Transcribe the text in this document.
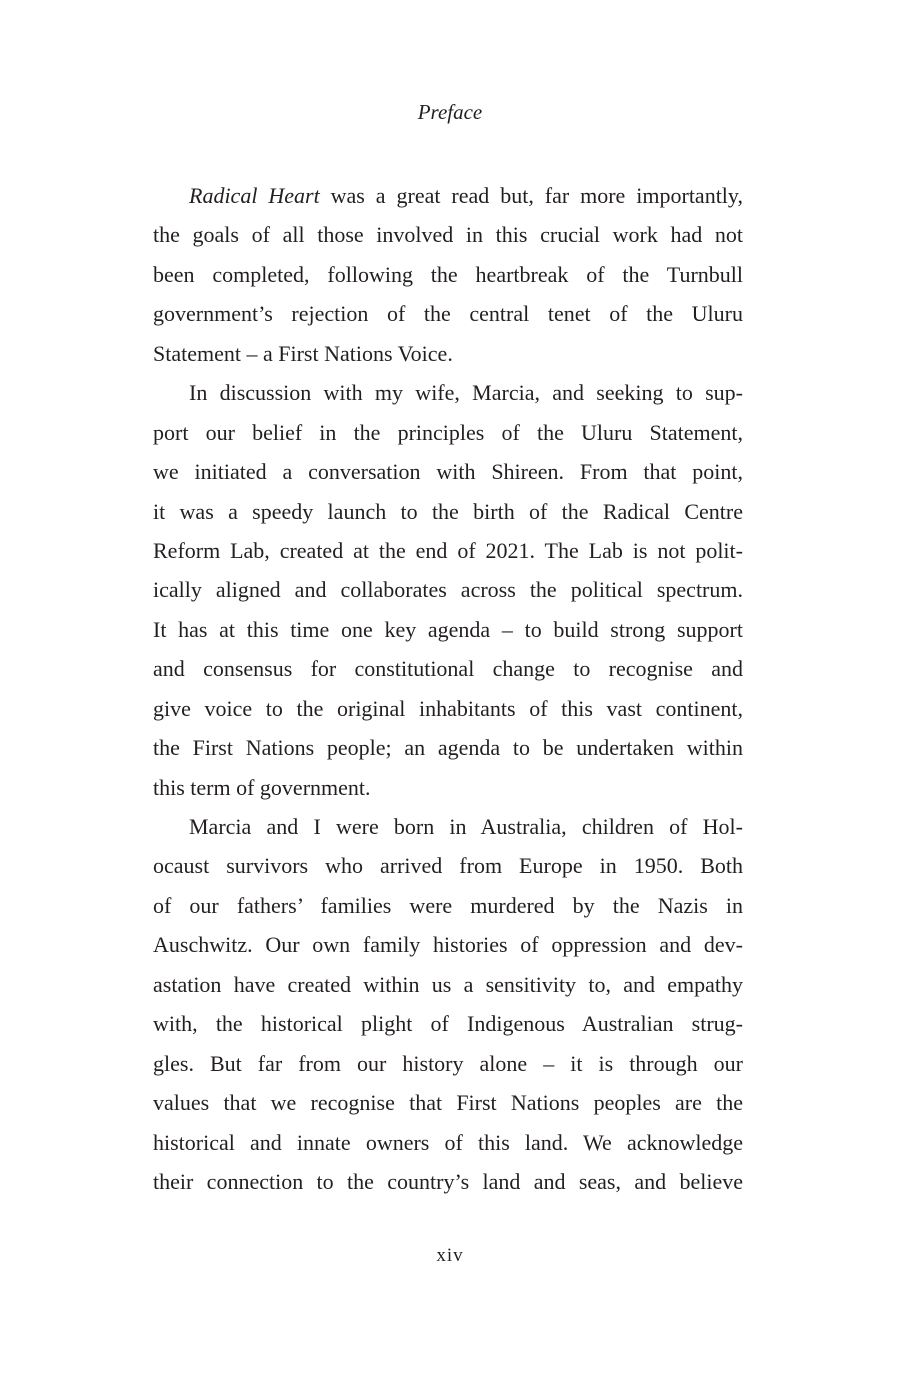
Preface
Radical Heart was a great read but, far more importantly,
the goals of all those involved in this crucial work had not
been completed, following the heartbreak of the Turnbull
government’s rejection of the central tenet of the Uluru
Statement – a First Nations Voice.
In discussion with my wife, Marcia, and seeking to sup-
port our belief in the principles of the Uluru Statement,
we initiated a conversation with Shireen. From that point,
it was a speedy launch to the birth of the Radical Centre
Reform Lab, created at the end of 2021. The Lab is not polit-
ically aligned and collaborates across the political spectrum.
It has at this time one key agenda – to build strong support
and consensus for constitutional change to recognise and
give voice to the original inhabitants of this vast continent,
the First Nations people; an agenda to be undertaken within
this term of government.
Marcia and I were born in Australia, children of Hol-
ocaust survivors who arrived from Europe in 1950. Both
of our fathers’ families were murdered by the Nazis in
Auschwitz. Our own family histories of oppression and dev-
astation have created within us a sensitivity to, and empathy
with, the historical plight of Indigenous Australian strug-
gles. But far from our history alone – it is through our
values that we recognise that First Nations peoples are the
historical and innate owners of this land. We acknowledge
their connection to the country’s land and seas, and believe
xiv
